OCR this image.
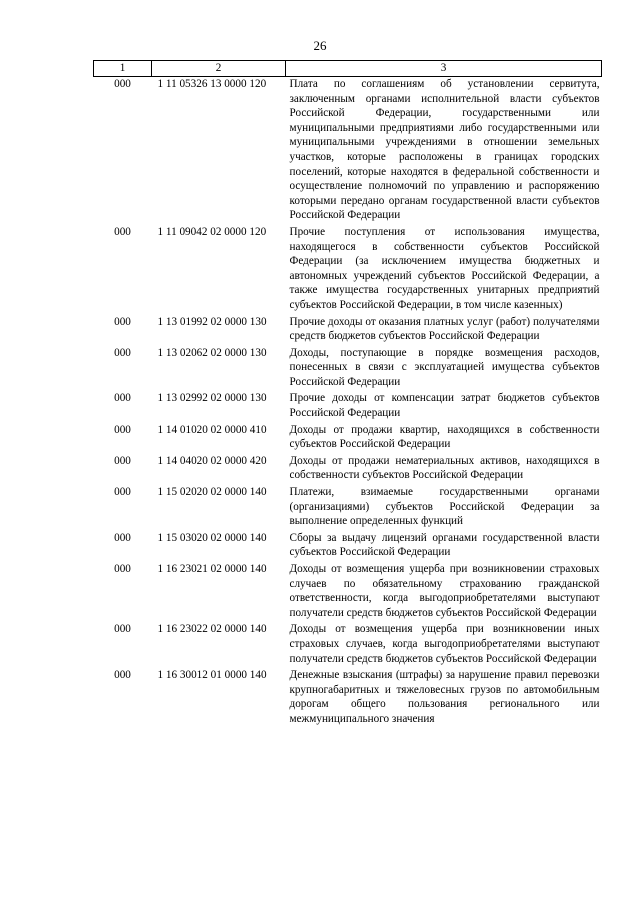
26
1	2	3
000	1 11 05326 13 0000 120	Плата по соглашениям об установлении сервитута, заключенным органами исполнительной власти субъектов Российской Федерации, государственными или муниципальными предприятиями либо государственными или муниципальными учреждениями в отношении земельных участков, которые расположены в границах городских поселений, которые находятся в федеральной собственности и осуществление полномочий по управлению и распоряжению которыми передано органам государственной власти субъектов Российской Федерации
000	1 11 09042 02 0000 120	Прочие поступления от использования имущества, находящегося в собственности субъектов Российской Федерации (за исключением имущества бюджетных и автономных учреждений субъектов Российской Федерации, а также имущества государственных унитарных предприятий субъектов Российской Федерации, в том числе казенных)
000	1 13 01992 02 0000 130	Прочие доходы от оказания платных услуг (работ) получателями средств бюджетов субъектов Российской Федерации
000	1 13 02062 02 0000 130	Доходы, поступающие в порядке возмещения расходов, понесенных в связи с эксплуатацией имущества субъектов Российской Федерации
000	1 13 02992 02 0000 130	Прочие доходы от компенсации затрат бюджетов субъектов Российской Федерации
000	1 14 01020 02 0000 410	Доходы от продажи квартир, находящихся в собственности субъектов Российской Федерации
000	1 14 04020 02 0000 420	Доходы от продажи нематериальных активов, находящихся в собственности субъектов Российской Федерации
000	1 15 02020 02 0000 140	Платежи, взимаемые государственными органами (организациями) субъектов Российской Федерации за выполнение определенных функций
000	1 15 03020 02 0000 140	Сборы за выдачу лицензий органами государственной власти субъектов Российской Федерации
000	1 16 23021 02 0000 140	Доходы от возмещения ущерба при возникновении страховых случаев по обязательному страхованию гражданской ответственности, когда выгодоприобретателями выступают получатели средств бюджетов субъектов Российской Федерации
000	1 16 23022 02 0000 140	Доходы от возмещения ущерба при возникновении иных страховых случаев, когда выгодоприобретателями выступают получатели средств бюджетов субъектов Российской Федерации
000	1 16 30012 01 0000 140	Денежные взыскания (штрафы) за нарушение правил перевозки крупногабаритных и тяжеловесных грузов по автомобильным дорогам общего пользования регионального или межмуниципального значения
